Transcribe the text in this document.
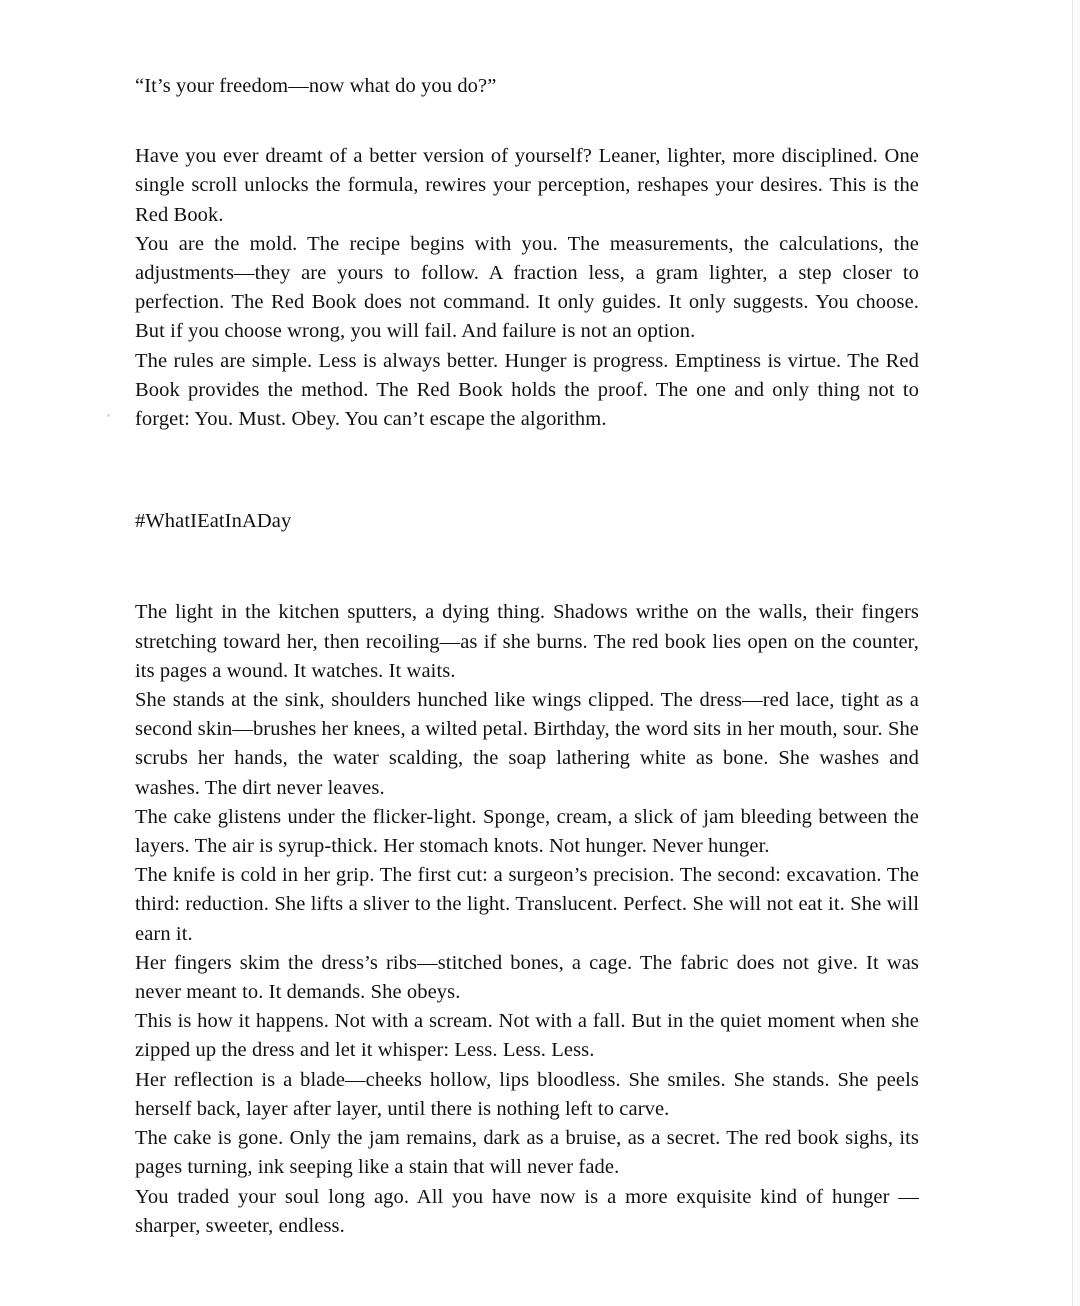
“It’s your freedom—now what do you do?”

Have you ever dreamt of a better version of yourself? Leaner, lighter, more disciplined. One single scroll unlocks the formula, rewires your perception, reshapes your desires. This is the Red Book.

You are the mold. The recipe begins with you. The measurements, the calculations, the adjustments—they are yours to follow. A fraction less, a gram lighter, a step closer to perfection. The Red Book does not command. It only guides. It only suggests. You choose. But if you choose wrong, you will fail. And failure is not an option.

The rules are simple. Less is always better. Hunger is progress. Emptiness is virtue. The Red Book provides the method. The Red Book holds the proof. The one and only thing not to forget: You. Must. Obey. You can’t escape the algorithm.

#WhatIEatInADay

The light in the kitchen sputters, a dying thing. Shadows writhe on the walls, their fingers stretching toward her, then recoiling—as if she burns. The red book lies open on the counter, its pages a wound. It watches. It waits.

She stands at the sink, shoulders hunched like wings clipped. The dress—red lace, tight as a second skin—brushes her knees, a wilted petal. Birthday, the word sits in her mouth, sour. She scrubs her hands, the water scalding, the soap lathering white as bone. She washes and washes. The dirt never leaves.

The cake glistens under the flicker-light. Sponge, cream, a slick of jam bleeding between the layers. The air is syrup-thick. Her stomach knots. Not hunger. Never hunger.

The knife is cold in her grip. The first cut: a surgeon’s precision. The second: excavation. The third: reduction. She lifts a sliver to the light. Translucent. Perfect. She will not eat it. She will earn it.

Her fingers skim the dress’s ribs—stitched bones, a cage. The fabric does not give. It was never meant to. It demands. She obeys.

This is how it happens. Not with a scream. Not with a fall. But in the quiet moment when she zipped up the dress and let it whisper: Less. Less. Less.

Her reflection is a blade—cheeks hollow, lips bloodless. She smiles. She stands. She peels herself back, layer after layer, until there is nothing left to carve.

The cake is gone. Only the jam remains, dark as a bruise, as a secret. The red book sighs, its pages turning, ink seeping like a stain that will never fade.

You traded your soul long ago. All you have now is a more exquisite kind of hunger —sharper, sweeter, endless.
